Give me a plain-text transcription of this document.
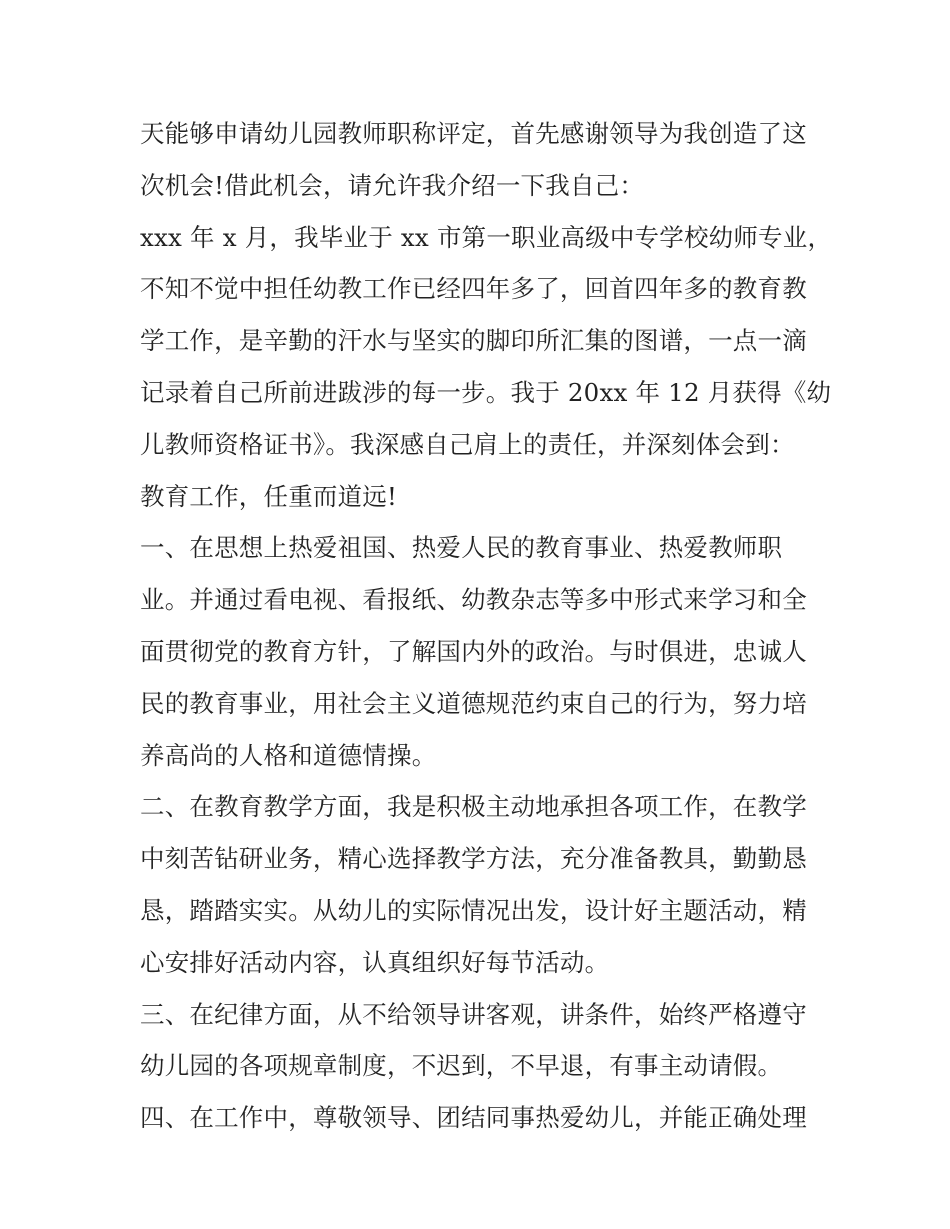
天能够申请幼儿园教师职称评定，首先感谢领导为我创造了这
次机会!借此机会，请允许我介绍一下我自己：
xxx 年 x 月，我毕业于 xx 市第一职业高级中专学校幼师专业，
不知不觉中担任幼教工作已经四年多了，回首四年多的教育教
学工作，是辛勤的汗水与坚实的脚印所汇集的图谱，一点一滴
记录着自己所前进跋涉的每一步。我于 20xx 年 12 月获得《幼
儿教师资格证书》。我深感自己肩上的责任，并深刻体会到：
教育工作，任重而道远!
一、在思想上热爱祖国、热爱人民的教育事业、热爱教师职
业。并通过看电视、看报纸、幼教杂志等多中形式来学习和全
面贯彻党的教育方针，了解国内外的政治。与时俱进，忠诚人
民的教育事业，用社会主义道德规范约束自己的行为，努力培
养高尚的人格和道德情操。
二、在教育教学方面，我是积极主动地承担各项工作，在教学
中刻苦钻研业务，精心选择教学方法，充分准备教具，勤勤恳
恳，踏踏实实。从幼儿的实际情况出发，设计好主题活动，精
心安排好活动内容，认真组织好每节活动。
三、在纪律方面，从不给领导讲客观，讲条件，始终严格遵守
幼儿园的各项规章制度，不迟到，不早退，有事主动请假。
四、在工作中，尊敬领导、团结同事热爱幼儿，并能正确处理
